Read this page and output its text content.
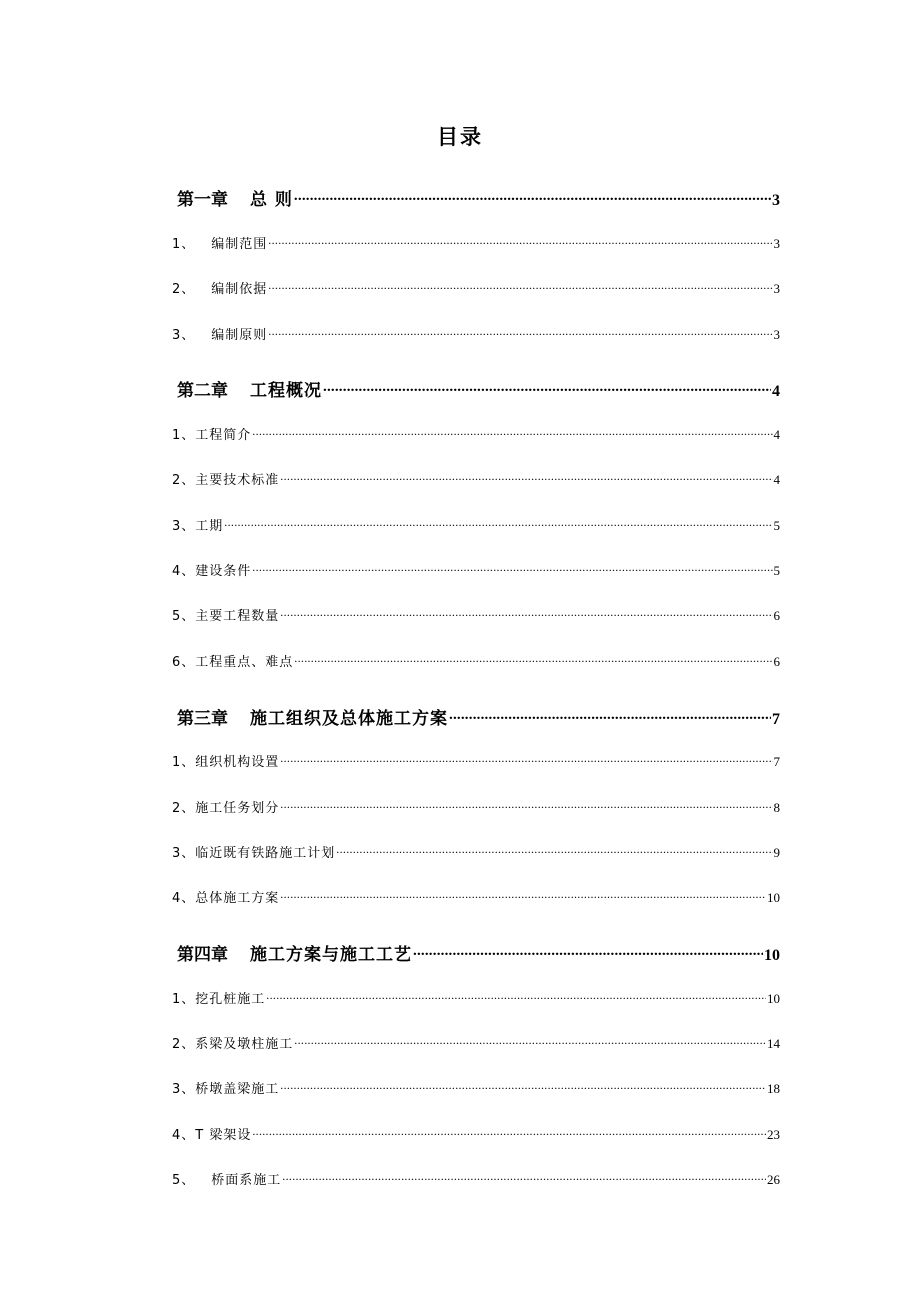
目录
第一章 总 则 .....	3
1、 编制范围 .....	3
2、 编制依据 .....	3
3、 编制原则 .....	3
第二章 工程概况 .....	4
1、 工程简介 .....	4
2、 主要技术标准 .....	4
3、 工期 .....	5
4、 建设条件 .....	5
5、 主要工程数量 .....	6
6、 工程重点、难点 .....	6
第三章 施工组织及总体施工方案 .....	7
1、 组织机构设置 .....	7
2、 施工任务划分 .....	8
3、 临近既有铁路施工计划 .....	9
4、 总体施工方案 .....	10
第四章 施工方案与施工工艺 .....	10
1、 挖孔桩施工 .....	10
2、 系梁及墩柱施工 .....	14
3、 桥墩盖梁施工 .....	18
4、 T 梁架设 .....	23
5、 桥面系施工 .....	26
